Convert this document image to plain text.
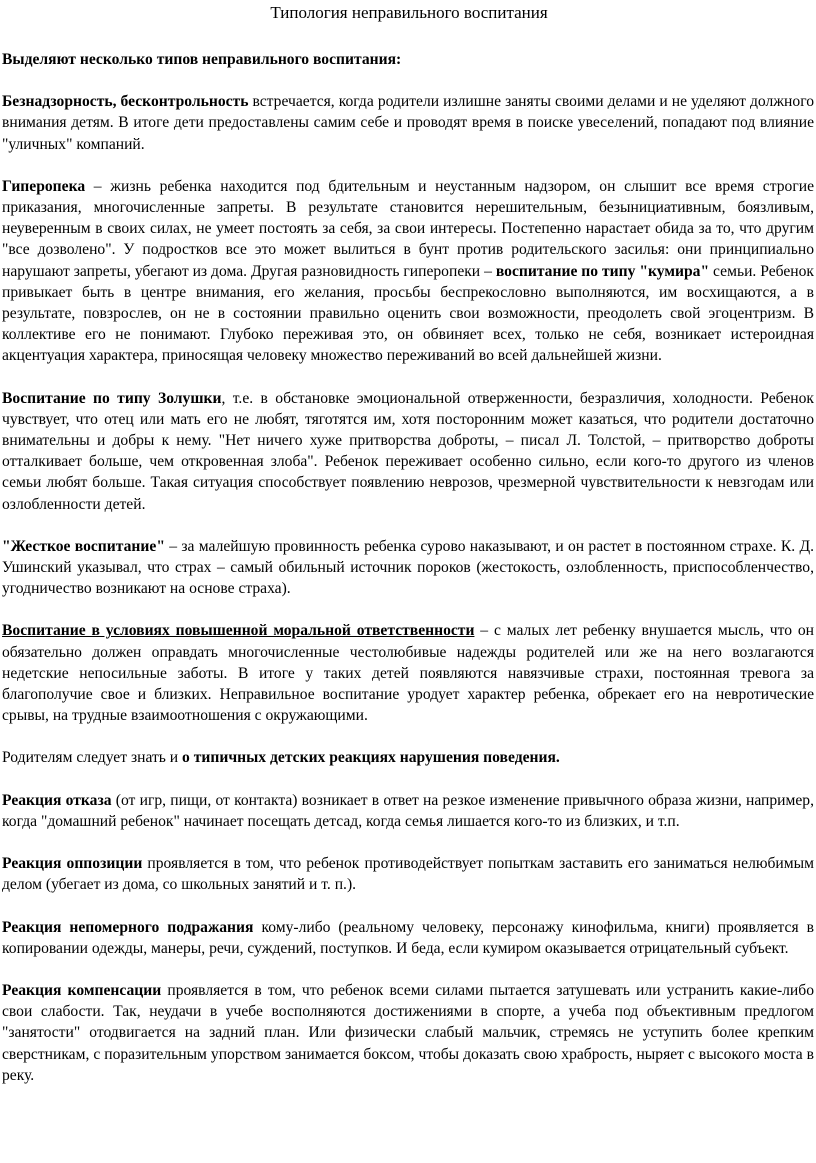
Типология неправильного воспитания
Выделяют несколько типов неправильного воспитания:

Безнадзорность, бесконтрольность встречается, когда родители излишне заняты своими делами и не уделяют должного внимания детям. В итоге дети предоставлены самим себе и проводят время в поиске увеселений, попадают под влияние "уличных" компаний.

Гиперопека – жизнь ребенка находится под бдительным и неустанным надзором, он слышит все время строгие приказания, многочисленные запреты. В результате становится нерешительным, безынициативным, боязливым, неуверенным в своих силах, не умеет постоять за себя, за свои интересы. Постепенно нарастает обида за то, что другим "все дозволено". У подростков все это может вылиться в бунт против родительского засилья: они принципиально нарушают запреты, убегают из дома. Другая разновидность гиперопеки – воспитание по типу "кумира" семьи. Ребенок привыкает быть в центре внимания, его желания, просьбы беспрекословно выполняются, им восхищаются, а в результате, повзрослев, он не в состоянии правильно оценить свои возможности, преодолеть свой эгоцентризм. В коллективе его не понимают. Глубоко переживая это, он обвиняет всех, только не себя, возникает истероидная акцентуация характера, приносящая человеку множество переживаний во всей дальнейшей жизни.

Воспитание по типу Золушки, т.е. в обстановке эмоциональной отверженности, безразличия, холодности. Ребенок чувствует, что отец или мать его не любят, тяготятся им, хотя посторонним может казаться, что родители достаточно внимательны и добры к нему. "Нет ничего хуже притворства доброты, – писал Л. Толстой, – притворство доброты отталкивает больше, чем откровенная злоба". Ребенок переживает особенно сильно, если кого-то другого из членов семьи любят больше. Такая ситуация способствует появлению неврозов, чрезмерной чувствительности к невзгодам или озлобленности детей.

"Жесткое воспитание" – за малейшую провинность ребенка сурово наказывают, и он растет в постоянном страхе. К. Д. Ушинский указывал, что страх – самый обильный источник пороков (жестокость, озлобленность, приспособленчество, угодничество возникают на основе страха).

Воспитание в условиях повышенной моральной ответственности – с малых лет ребенку внушается мысль, что он обязательно должен оправдать многочисленные честолюбивые надежды родителей или же на него возлагаются недетские непосильные заботы. В итоге у таких детей появляются навязчивые страхи, постоянная тревога за благополучие свое и близких. Неправильное воспитание уродует характер ребенка, обрекает его на невротические срывы, на трудные взаимоотношения с окружающими.

Родителям следует знать и о типичных детских реакциях нарушения поведения.

Реакция отказа (от игр, пищи, от контакта) возникает в ответ на резкое изменение привычного образа жизни, например, когда "домашний ребенок" начинает посещать детсад, когда семья лишается кого-то из близких, и т.п.

Реакция оппозиции проявляется в том, что ребенок противодействует попыткам заставить его заниматься нелюбимым делом (убегает из дома, со школьных занятий и т. п.).

Реакция непомерного подражания кому-либо (реальному человеку, персонажу кинофильма, книги) проявляется в копировании одежды, манеры, речи, суждений, поступков. И беда, если кумиром оказывается отрицательный субъект.

Реакция компенсации проявляется в том, что ребенок всеми силами пытается затушевать или устранить какие-либо свои слабости. Так, неудачи в учебе восполняются достижениями в спорте, а учеба под объективным предлогом "занятости" отодвигается на задний план. Или физически слабый мальчик, стремясь не уступить более крепким сверстникам, с поразительным упорством занимается боксом, чтобы доказать свою храбрость, ныряет с высокого моста в реку.
